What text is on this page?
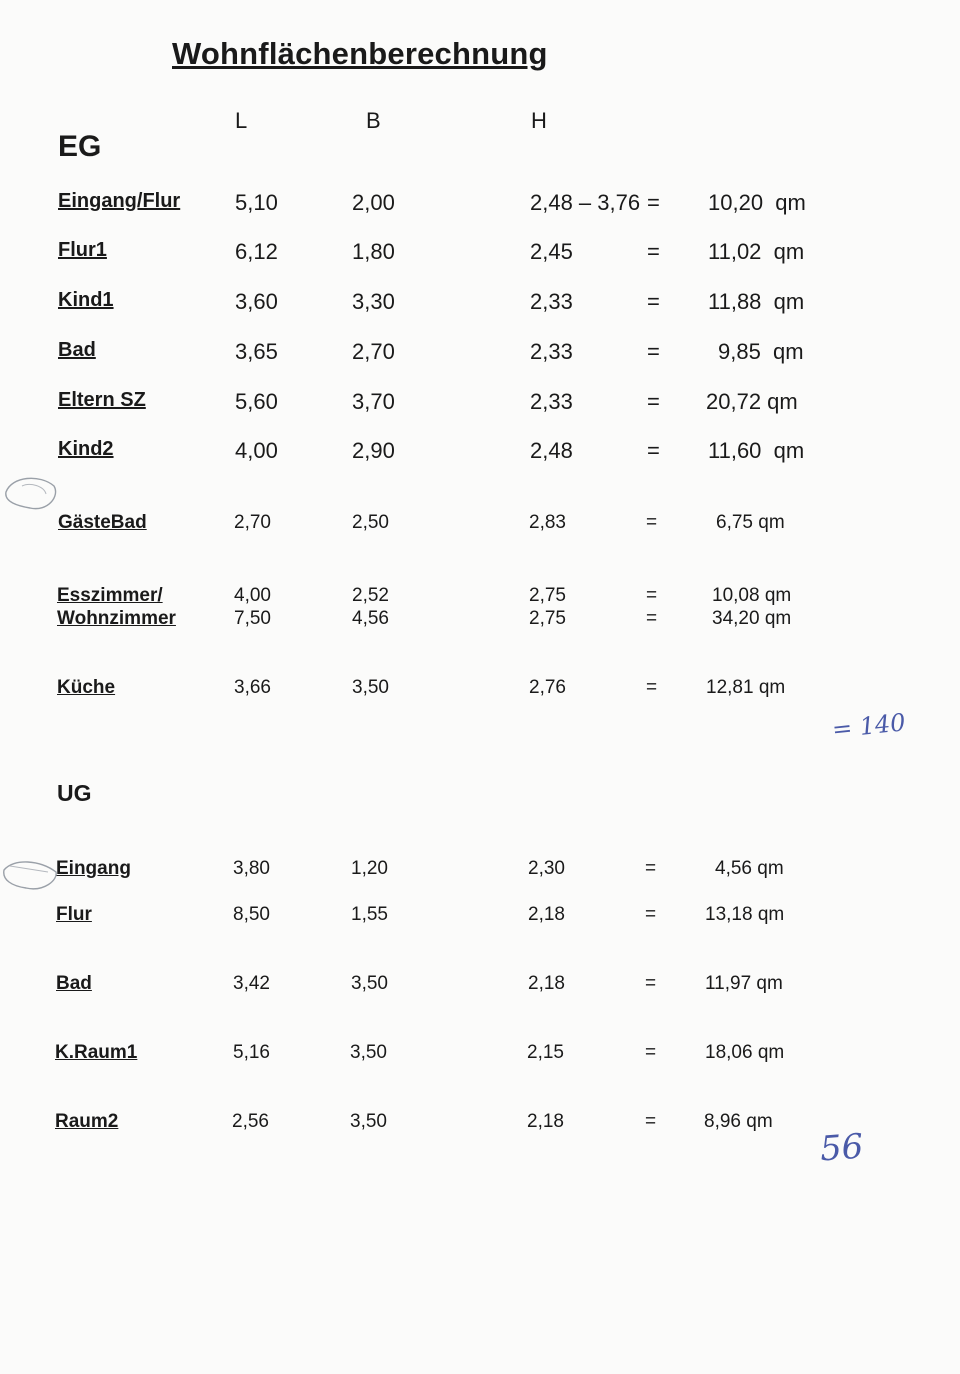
Wohnflächenberechnung
L	B	H
EG
Eingang/Flur 5,10	2,00	2,48 – 3,76 = 10,20  qm
Flur1	6,12	1,80	2,45	= 11,02  qm
Kind1	3,60	3,30	2,33	= 11,88  qm
Bad	3,65	2,70	2,33	=	9,85  qm
Eltern SZ	5,60	3,70	2,33	= 20,72 qm
Kind2	4,00	2,90	2,48	= 11,60  qm
GästeBad	2,70	2,50	2,83	=	6,75 qm
Esszimmer/	4,00	2,52	2,75	=	10,08 qm
Wohnzimmer	7,50	4,56	2,75	=	34,20 qm
Küche	3,66	3,50	2,76	=	12,81 qm
= 140
UG
Eingang	3,80	1,20	2,30	=	4,56 qm
Flur	8,50	1,55	2,18	=	13,18 qm
Bad	3,42	3,50	2,18	=	11,97 qm
K.Raum1	5,16	3,50	2,15	=	18,06 qm
Raum2	2,56	3,50	2,18	=	8,96 qm
56
